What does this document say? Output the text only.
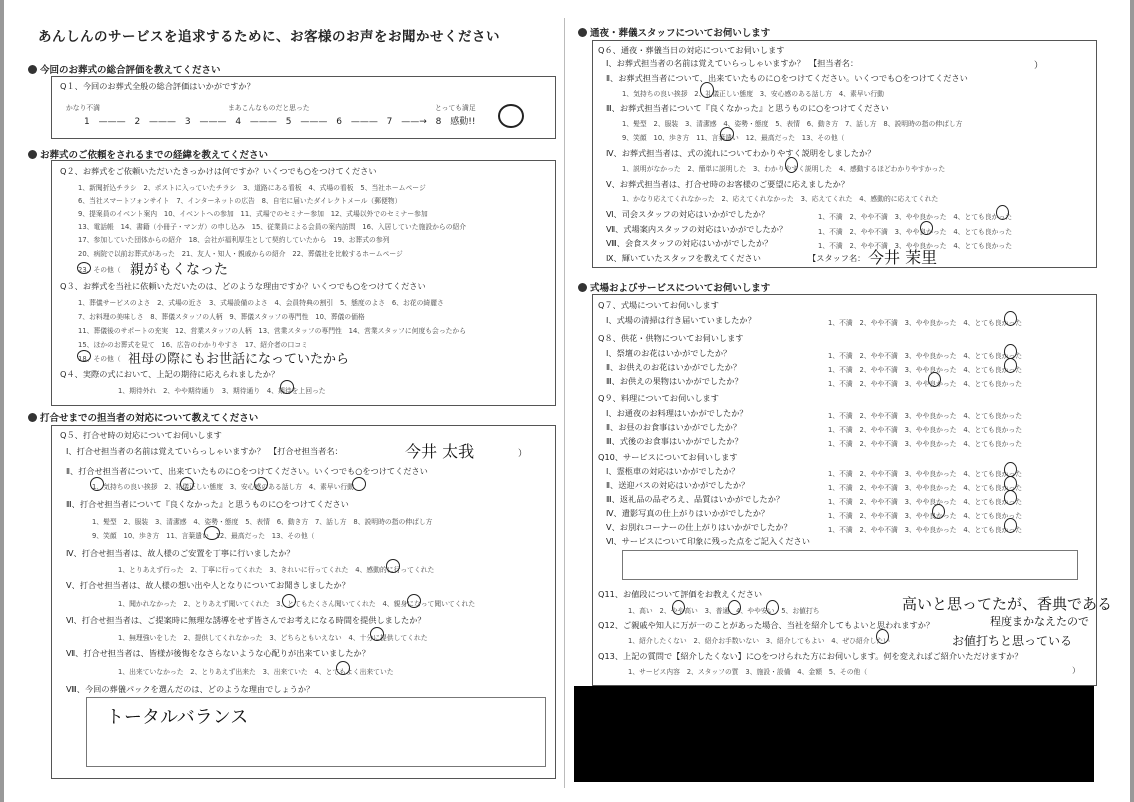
あんしんのサービスを追求するために、お客様のお声をお聞かせください
今回のお葬式の総合評価を教えてください
Q１、今回のお葬式全般の総合評価はいかがですか？
かなり不満	まあこんなものだと思った	とっても満足
1 ——— 2 ——— 3 ——— 4 ——— 5 ——— 6 ——— 7 ——→ 8 感動!!
お葬式のご依頼をされるまでの経緯を教えてください
Q２、お葬式をご依頼いただいたきっかけは何ですか？いくつでも○をつけてください
1、新聞折込チラシ　2、ポストに入っていたチラシ　3、道路にある看板　4、式場の看板　5、当社ホームページ
6、当社スマートフォンサイト　7、インターネットの広告　8、自宅に届いたダイレクトメール（郵便物）
9、提案員のイベント案内　10、イベントへの参加　11、式場でのセミナー参加　12、式場以外でのセミナー参加
13、電話帳　14、書籍（小冊子・マンガ）の申し込み　15、従業員による会員の案内訪問　16、入居していた施設からの紹介
17、参加していた団体からの紹介　18、会社が福利厚生として契約していたから　19、お葬式の参列
20、病院で以前お葬式があった　21、友人・知人・親戚からの紹介　22、葬儀社を比較するホームページ
23、その他（ 親がもくなった
Q３、お葬式を当社に依頼いただいたのは、どのような理由ですか？いくつでも○をつけてください
1、葬儀サービスのよさ　2、式場の近さ　3、式場設備のよさ　4、会員特典の割引　5、態度のよさ　6、お花の綺麗さ
7、お料理の美味しさ　8、葬儀スタッフの人柄　9、葬儀スタッフの専門性　10、葬儀の価格
11、葬儀後のサポートの充実　12、営業スタッフの人柄　13、営業スタッフの専門性　14、営業スタッフに何度も会ったから
15、ほかのお葬式を見て　16、広告のわかりやすさ　17、紹介者の口コミ
18、その他（ 祖母の際にもお世話になっていたから
Q４、実際の式において、上記の期待に応えられましたか？
1、期待外れ　2、やや期待通り　3、期待通り　4、期待を上回った
打合せまでの担当者の対応について教えてください
Q５、打合せ時の対応についてお伺いします
Ⅰ、打合せ担当者の名前は覚えていらっしゃいますか？　【打合せ担当者名：	今井 太我	）
Ⅱ、打合せ担当者について、出来ていたものに○をつけてください。いくつでも○をつけてください
1、気持ちの良い挨拶　2、礼儀正しい態度　3、安心感のある話し方　4、素早い行動
Ⅲ、打合せ担当者について『良くなかった』と思うものに○をつけてください
1、髪型　2、服装　3、清潔感　4、姿勢・態度　5、表情　6、動き方　7、話し方　8、説明時の指の伸ばし方
9、笑顔　10、歩き方　11、言葉遣い　12、最高だった　13、その他（
Ⅳ、打合せ担当者は、故人様のご安置を丁寧に行いましたか？
1、とりあえず行った　2、丁寧に行ってくれた　3、きれいに行ってくれた　4、感動的に行ってくれた
Ⅴ、打合せ担当者は、故人様の想い出や人となりについてお聞きしましたか？
1、聞かれなかった　2、とりあえず聞いてくれた　3、とてもたくさん聞いてくれた　4、親身になって聞いてくれた
Ⅵ、打合せ担当者は、ご提案時に無理な誘導をせず皆さんでお考えになる時間を提供しましたか？
1、無理強いをした　2、提供してくれなかった　3、どちらともいえない　4、十分に提供してくれた
Ⅶ、打合せ担当者は、皆様が後悔をなさらないような心配りが出来ていましたか？
1、出来ていなかった　2、とりあえず出来た　3、出来ていた　4、とてもよく出来ていた
Ⅷ、今回の葬儀パックを選んだのは、どのような理由でしょうか？
トータルバランス
通夜・葬儀スタッフについてお伺いします
Q６、通夜・葬儀当日の対応についてお伺いします
Ⅰ、お葬式担当者の名前は覚えていらっしゃいますか？　【担当者名：	）
Ⅱ、お葬式担当者について、出来ていたものに○をつけてください。いくつでも○をつけてください
1、気持ちの良い挨拶　2、礼儀正しい態度　3、安心感のある話し方　4、素早い行動
Ⅲ、お葬式担当者について『良くなかった』と思うものに○をつけてください
1、髪型　2、服装　3、清潔感　4、姿勢・態度　5、表情　6、動き方　7、話し方　8、説明時の指の伸ばし方
9、笑顔　10、歩き方　11、言葉遣い　12、最高だった　13、その他（
Ⅳ、お葬式担当者は、式の流れについてわかりやすく説明をしましたか？
1、説明がなかった　2、簡単に説明した　3、わかりやすく説明した　4、感動するほどわかりやすかった
Ⅴ、お葬式担当者は、打合せ時のお客様のご要望に応えましたか？
1、かなり応えてくれなかった　2、応えてくれなかった　3、応えてくれた　4、感動的に応えてくれた
Ⅵ、司会スタッフの対応はいかがでしたか？	1、不満　2、やや不満　3、やや良かった　4、とても良かった
Ⅶ、式場案内スタッフの対応はいかがでしたか？	1、不満　2、やや不満　3、やや良かった　4、とても良かった
Ⅷ、会食スタッフの対応はいかがでしたか？	1、不満　2、やや不満　3、やや良かった　4、とても良かった
Ⅸ、輝いていたスタッフを教えてください	【スタッフ名： 今井 茉里
式場およびサービスについてお伺いします
Q７、式場についてお伺いします
Ⅰ、式場の清掃は行き届いていましたか？	1、不満　2、やや不満　3、やや良かった　4、とても良かった
Q８、供花・供物についてお伺いします
Ⅰ、祭壇のお花はいかがでしたか？	1、不満　2、やや不満　3、やや良かった　4、とても良かった
Ⅱ、お供えのお花はいかがでしたか？	1、不満　2、やや不満　3、やや良かった　4、とても良かった
Ⅲ、お供えの果物はいかがでしたか？	1、不満　2、やや不満　3、やや良かった　4、とても良かった
Q９、料理についてお伺いします
Ⅰ、お通夜のお料理はいかがでしたか？	1、不満　2、やや不満　3、やや良かった　4、とても良かった
Ⅱ、お昼のお食事はいかがでしたか？	1、不満　2、やや不満　3、やや良かった　4、とても良かった
Ⅲ、式後のお食事はいかがでしたか？	1、不満　2、やや不満　3、やや良かった　4、とても良かった
Q10、サービスについてお伺いします
Ⅰ、霊柩車の対応はいかがでしたか？	1、不満　2、やや不満　3、やや良かった　4、とても良かった
Ⅱ、送迎バスの対応はいかがでしたか？	1、不満　2、やや不満　3、やや良かった　4、とても良かった
Ⅲ、返礼品の品ぞろえ、品質はいかがでしたか？	1、不満　2、やや不満　3、やや良かった　4、とても良かった
Ⅳ、遺影写真の仕上がりはいかがでしたか？	1、不満　2、やや不満　3、やや良かった　4、とても良かった
Ⅴ、お別れコーナーの仕上がりはいかがでしたか？	1、不満　2、やや不満　3、やや良かった　4、とても良かった
Ⅵ、サービスについて印象に残った点をご記入ください
Q11、お値段について評価をお教えください
1、高い　2、やや高い　3、普通　4、やや安い　5、お値打ち	高いと思ってたが、香典である
Q12、ご親戚や知人に万が一のことがあった場合、当社を紹介してもよいと思われますか？	程度まかなえたので
1、紹介したくない　2、紹介お手数いない　3、紹介してもよい　4、ぜひ紹介したい	お値打ちと思っている
Q13、上記の質問で【紹介したくない】に○をつけられた方にお伺いします。何を変えればご紹介いただけますか？
1、サービス内容　2、スタッフの質　3、施設・設備　4、金額　5、その他（	）
